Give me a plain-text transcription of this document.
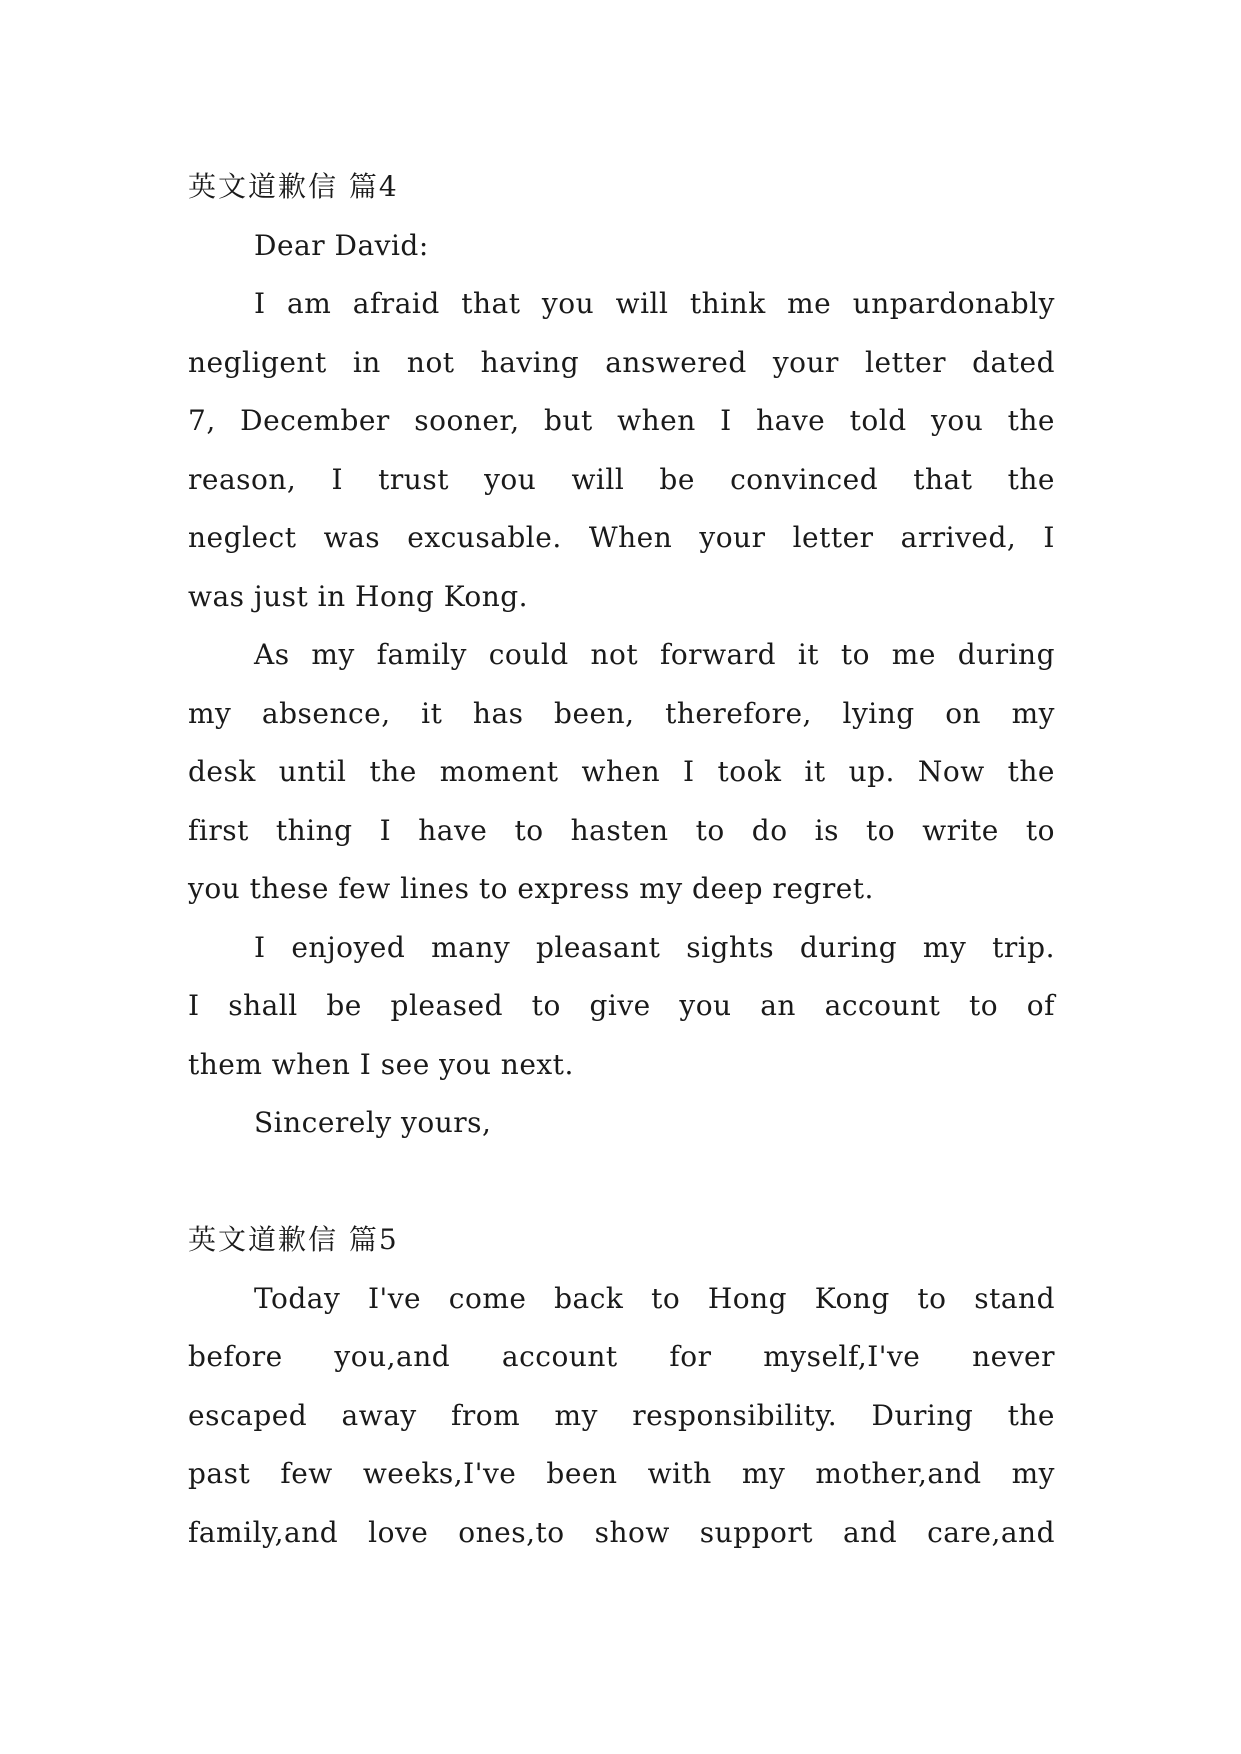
英文道歉信 篇4
Dear David:
I am afraid that you will think me unpardonably
negligent in not having answered your letter dated
7, December sooner, but when I have told you the
reason, I trust you will be convinced that the
neglect was excusable. When your letter arrived, I
was just in Hong Kong.
As my family could not forward it to me during
my absence, it has been, therefore, lying on my
desk until the moment when I took it up. Now the
first thing I have to hasten to do is to write to
you these few lines to express my deep regret.
I enjoyed many pleasant sights during my trip.
I shall be pleased to give you an account to of
them when I see you next.
Sincerely yours,
英文道歉信 篇5
Today I've come back to Hong Kong to stand
before you,and account for myself,I've never
escaped away from my responsibility. During the
past few weeks,I've been with my mother,and my
family,and love ones,to show support and care,and
